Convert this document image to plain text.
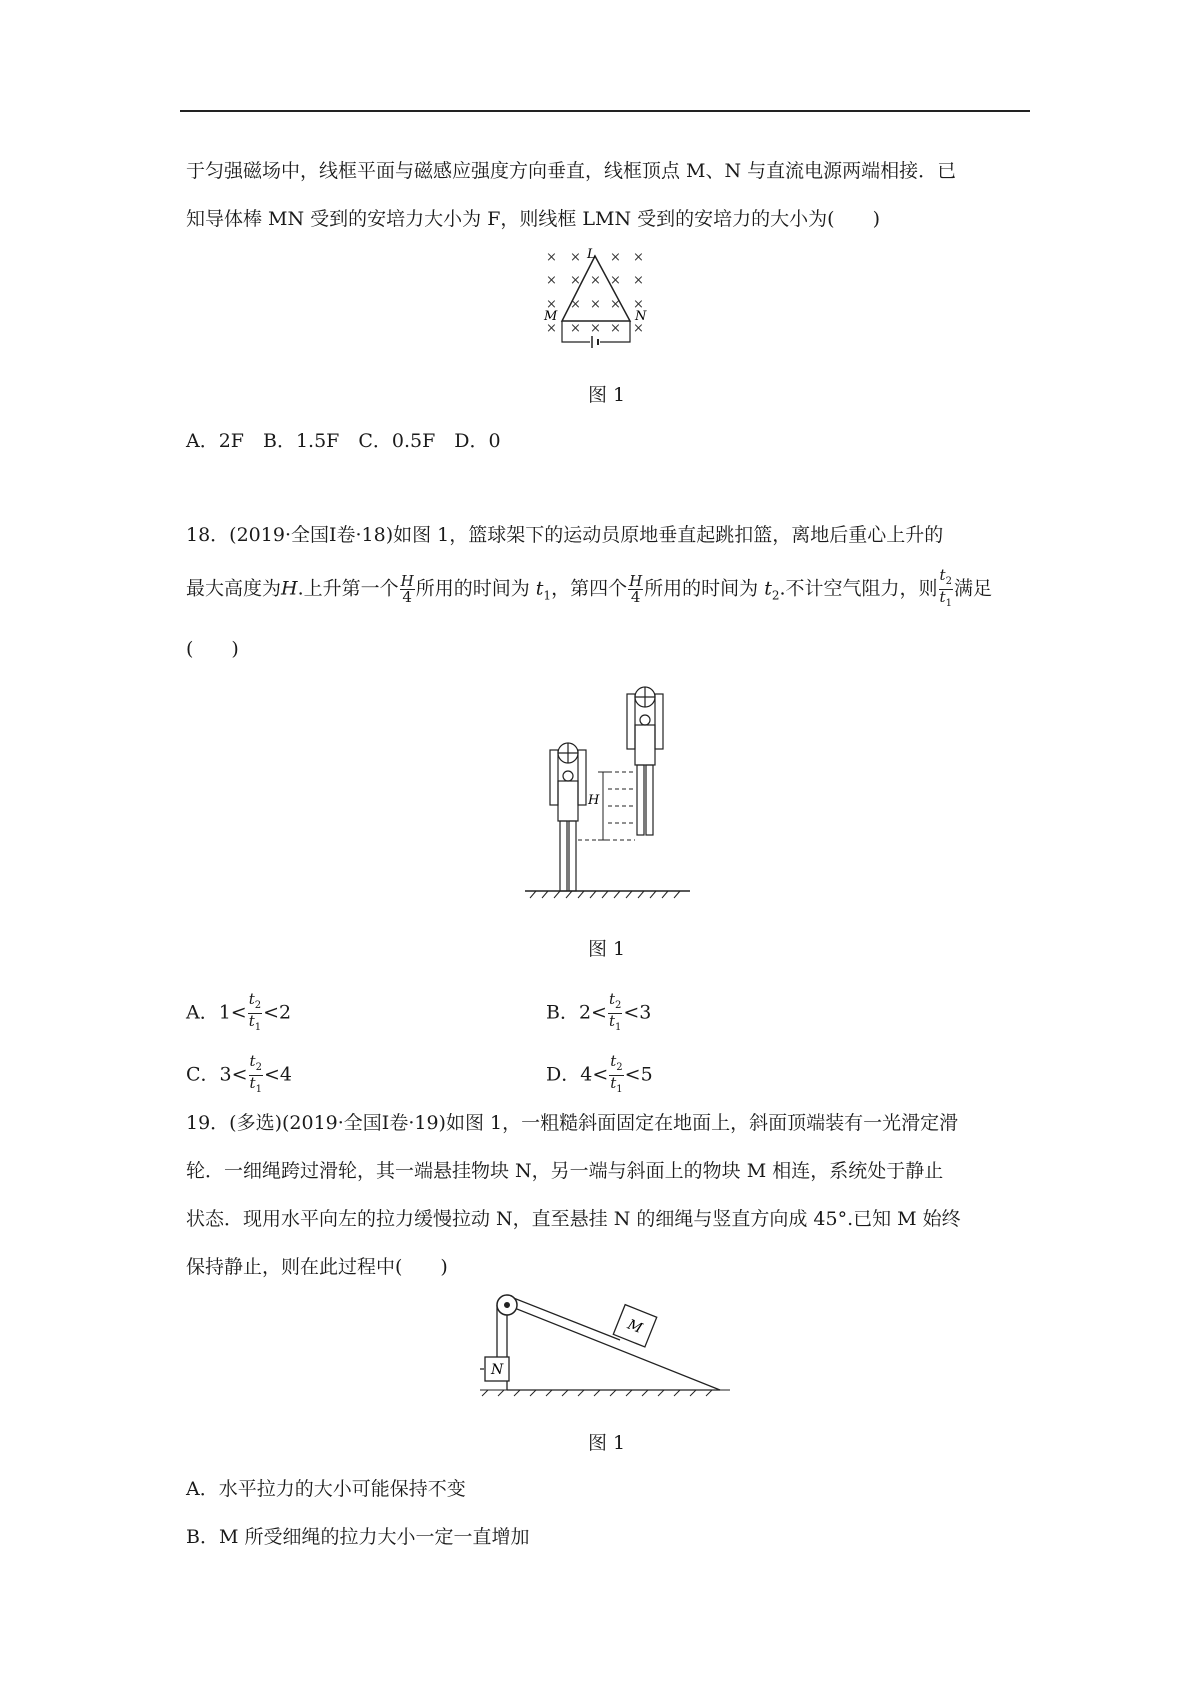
于匀强磁场中，线框平面与磁感应强度方向垂直，线框顶点 M、N 与直流电源两端相接．已
知导体棒 MN 受到的安培力大小为 F，则线框 LMN 受到的安培力的大小为(　　)
× × × ×
× × × × ×
× × × × ×
× × × × ×
L
M	N
图 1
A．2F　B．1.5F　C．0.5F　D．0
18．(2019·全国Ⅰ卷·18)如图 1，篮球架下的运动员原地垂直起跳扣篮，离地后重心上升的
最大高度为H.上升第一个 $\frac{H}{4}$ 所用的时间为 $t_1$，第四个 $\frac{H}{4}$ 所用的时间为 $t_2$.不计空气阻力，则 $\frac{t_2}{t_1}$ 满足
(　　)
H
图 1
A．$1< \frac{t_2}{t_1} <2$	B．$2< \frac{t_2}{t_1} <3$
C．$3< \frac{t_2}{t_1} <4$	D．$4< \frac{t_2}{t_1} <5$
19．(多选)(2019·全国Ⅰ卷·19)如图 1，一粗糙斜面固定在地面上，斜面顶端装有一光滑定滑
轮．一细绳跨过滑轮，其一端悬挂物块 N，另一端与斜面上的物块 M 相连，系统处于静止
状态．现用水平向左的拉力缓慢拉动 N，直至悬挂 N 的细绳与竖直方向成 45°.已知 M 始终
保持静止，则在此过程中(　　)
M
N
图 1
A．水平拉力的大小可能保持不变
B．M 所受细绳的拉力大小一定一直增加
